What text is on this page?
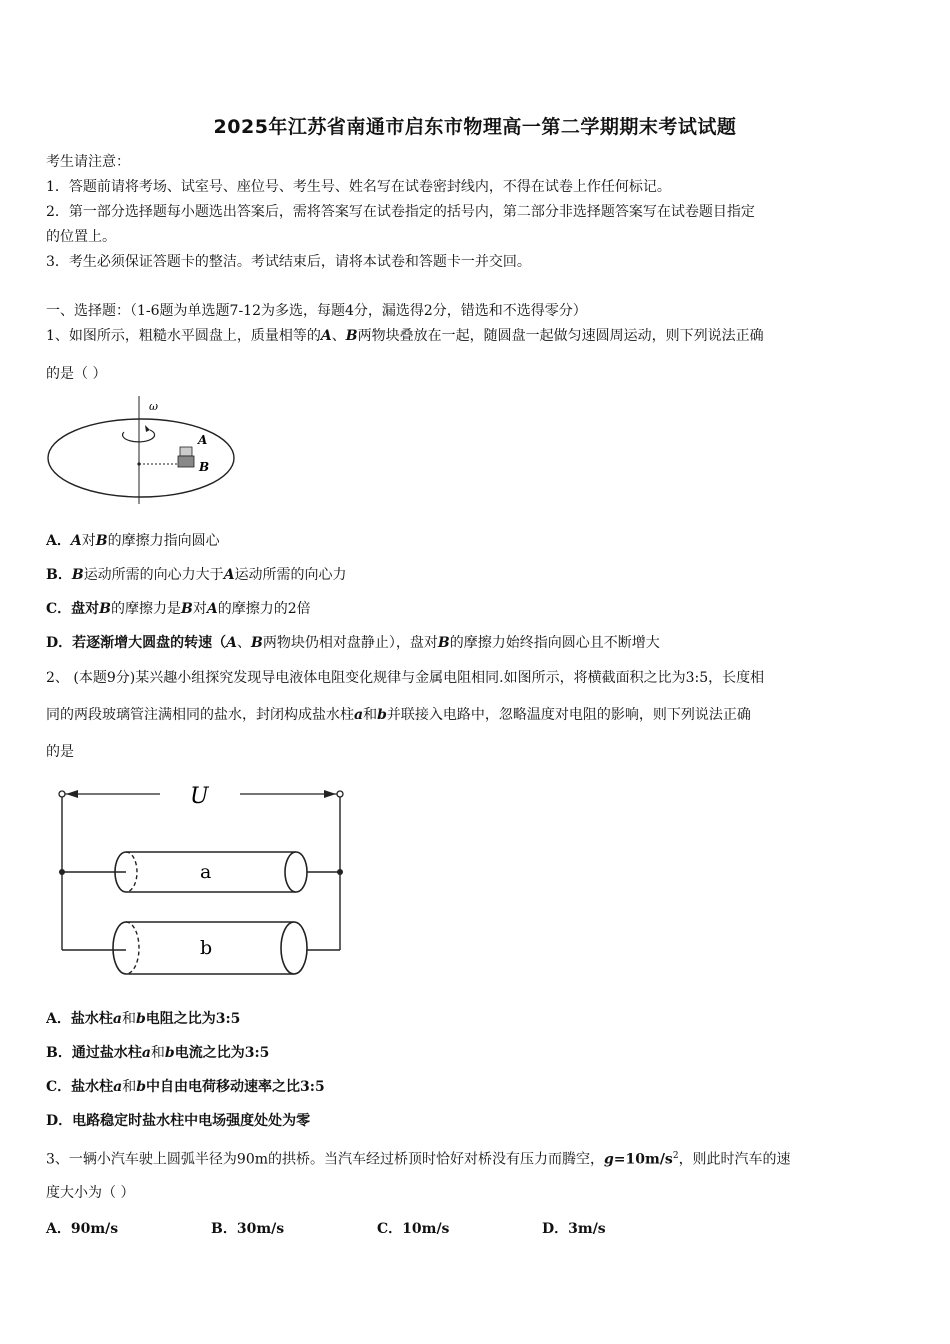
2025年江苏省南通市启东市物理高一第二学期期末考试试题
考生请注意：
1．答题前请将考场、试室号、座位号、考生号、姓名写在试卷密封线内，不得在试卷上作任何标记。
2．第一部分选择题每小题选出答案后，需将答案写在试卷指定的括号内，第二部分非选择题答案写在试卷题目指定
的位置上。
3．考生必须保证答题卡的整洁。考试结束后，请将本试卷和答题卡一并交回。
一、选择题：（1-6题为单选题7-12为多选，每题4分，漏选得2分，错选和不选得零分）
1、如图所示，粗糙水平圆盘上，质量相等的A、B两物块叠放在一起，随圆盘一起做匀速圆周运动，则下列说法正确
的是（ ）
ω
A
B
A．A对B的摩擦力指向圆心
B．B运动所需的向心力大于A运动所需的向心力
C．盘对B的摩擦力是B对A的摩擦力的2倍
D．若逐渐增大圆盘的转速（A、B两物块仍相对盘静止），盘对B的摩擦力始终指向圆心且不断增大
2、 (本题9分)某兴趣小组探究发现导电液体电阻变化规律与金属电阻相同.如图所示，将横截面积之比为3:5，长度相
同的两段玻璃管注满相同的盐水，封闭构成盐水柱a和b并联接入电路中，忽略温度对电阻的影响，则下列说法正确
的是
U
a
b
A．盐水柱a和b电阻之比为3:5
B．通过盐水柱a和b电流之比为3:5
C．盐水柱a和b中自由电荷移动速率之比3:5
D．电路稳定时盐水柱中电场强度处处为零
3、一辆小汽车驶上圆弧半径为90m的拱桥。当汽车经过桥顶时恰好对桥没有压力而腾空，$g=10m/s^2$，则此时汽车的速
度大小为（ ）
A．90m/s	B．30m/s	C．10m/s	D．3m/s
